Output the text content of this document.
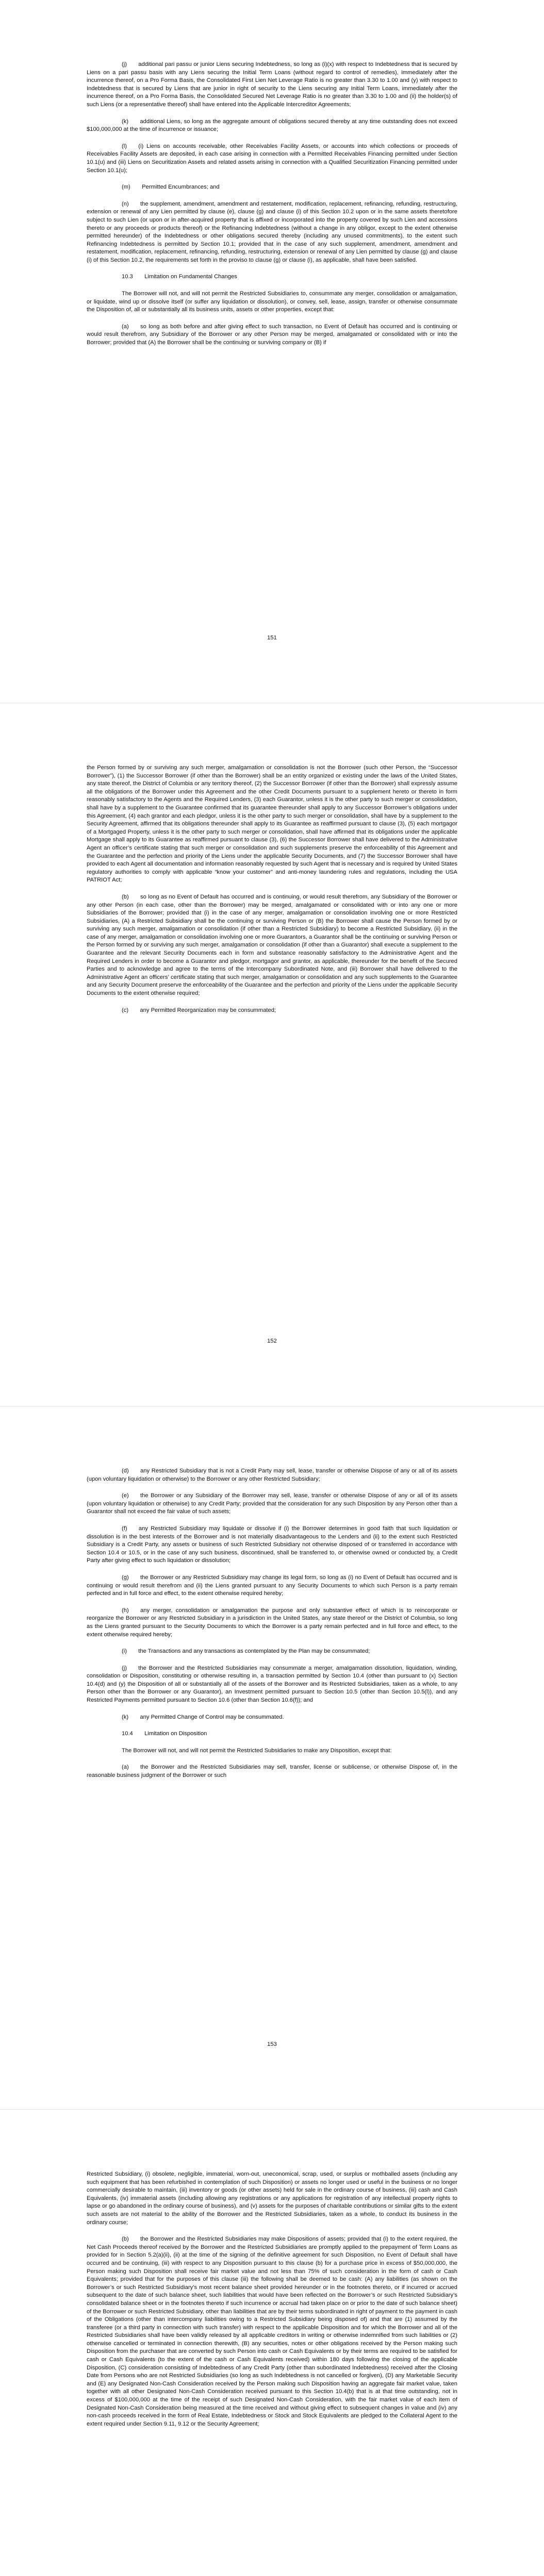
(j)  additional pari passu or junior Liens securing Indebtedness, so long as (i)(x) with respect to Indebtedness that is secured by Liens on a pari passu basis with any Liens securing the Initial Term Loans (without regard to control of remedies), immediately after the incurrence thereof, on a Pro Forma Basis, the Consolidated First Lien Net Leverage Ratio is no greater than 3.30 to 1.00 and (y) with respect to Indebtedness that is secured by Liens that are junior in right of security to the Liens securing any Initial Term Loans, immediately after the incurrence thereof, on a Pro Forma Basis, the Consolidated Secured Net Leverage Ratio is no greater than 3.30 to 1.00 and (ii) the holder(s) of such Liens (or a representative thereof) shall have entered into the Applicable Intercreditor Agreements;

(k)  additional Liens, so long as the aggregate amount of obligations secured thereby at any time outstanding does not exceed $100,000,000 at the time of incurrence or issuance;

(l)  (i) Liens on accounts receivable, other Receivables Facility Assets, or accounts into which collections or proceeds of Receivables Facility Assets are deposited, in each case arising in connection with a Permitted Receivables Financing permitted under Section 10.1(u) and (iii) Liens on Securitization Assets and related assets arising in connection with a Qualified Securitization Financing permitted under Section 10.1(u);

(m)  Permitted Encumbrances; and

(n)  the supplement, amendment, amendment and restatement, modification, replacement, refinancing, refunding, restructuring, extension or renewal of any Lien permitted by clause (e), clause (g) and clause (i) of this Section 10.2 upon or in the same assets theretofore subject to such Lien (or upon or in after-acquired property that is affixed or incorporated into the property covered by such Lien and accessions thereto or any proceeds or products thereof) or the Refinancing Indebtedness (without a change in any obligor, except to the extent otherwise permitted hereunder) of the Indebtedness or other obligations secured thereby (including any unused commitments), to the extent such Refinancing Indebtedness is permitted by Section 10.1; provided that in the case of any such supplement, amendment, amendment and restatement, modification, replacement, refinancing, refunding, restructuring, extension or renewal of any Lien permitted by clause (g) and clause (i) of this Section 10.2, the requirements set forth in the proviso to clause (g) or clause (i), as applicable, shall have been satisfied.

10.3  Limitation on Fundamental Changes

The Borrower will not, and will not permit the Restricted Subsidiaries to, consummate any merger, consolidation or amalgamation, or liquidate, wind up or dissolve itself (or suffer any liquidation or dissolution), or convey, sell, lease, assign, transfer or otherwise consummate the Disposition of, all or substantially all its business units, assets or other properties, except that:

(a)  so long as both before and after giving effect to such transaction, no Event of Default has occurred and is continuing or would result therefrom, any Subsidiary of the Borrower or any other Person may be merged, amalgamated or consolidated with or into the Borrower; provided that (A) the Borrower shall be the continuing or surviving company or (B) if

151

the Person formed by or surviving any such merger, amalgamation or consolidation is not the Borrower (such other Person, the “Successor Borrower”), (1) the Successor Borrower (if other than the Borrower) shall be an entity organized or existing under the laws of the United States, any state thereof, the District of Columbia or any territory thereof, (2) the Successor Borrower (if other than the Borrower) shall expressly assume all the obligations of the Borrower under this Agreement and the other Credit Documents pursuant to a supplement hereto or thereto in form reasonably satisfactory to the Agents and the Required Lenders, (3) each Guarantor, unless it is the other party to such merger or consolidation, shall have by a supplement to the Guarantee confirmed that its guarantee thereunder shall apply to any Successor Borrower’s obligations under this Agreement, (4) each grantor and each pledgor, unless it is the other party to such merger or consolidation, shall have by a supplement to the Security Agreement, affirmed that its obligations thereunder shall apply to its Guarantee as reaffirmed pursuant to clause (3), (5) each mortgagor of a Mortgaged Property, unless it is the other party to such merger or consolidation, shall have affirmed that its obligations under the applicable Mortgage shall apply to its Guarantee as reaffirmed pursuant to clause (3), (6) the Successor Borrower shall have delivered to the Administrative Agent an officer’s certificate stating that such merger or consolidation and such supplements preserve the enforceability of this Agreement and the Guarantee and the perfection and priority of the Liens under the applicable Security Documents, and (7) the Successor Borrower shall have provided to each Agent all documentation and information reasonably requested by such Agent that is necessary and is required by United States regulatory authorities to comply with applicable “know your customer” and anti-money laundering rules and regulations, including the USA PATRIOT Act;

(b)  so long as no Event of Default has occurred and is continuing, or would result therefrom, any Subsidiary of the Borrower or any other Person (in each case, other than the Borrower) may be merged, amalgamated or consolidated with or into any one or more Subsidiaries of the Borrower; provided that (i) in the case of any merger, amalgamation or consolidation involving one or more Restricted Subsidiaries, (A) a Restricted Subsidiary shall be the continuing or surviving Person or (B) the Borrower shall cause the Person formed by or surviving any such merger, amalgamation or consolidation (if other than a Restricted Subsidiary) to become a Restricted Subsidiary, (ii) in the case of any merger, amalgamation or consolidation involving one or more Guarantors, a Guarantor shall be the continuing or surviving Person or the Person formed by or surviving any such merger, amalgamation or consolidation (if other than a Guarantor) shall execute a supplement to the Guarantee and the relevant Security Documents each in form and substance reasonably satisfactory to the Administrative Agent and the Required Lenders in order to become a Guarantor and pledgor, mortgagor and grantor, as applicable, thereunder for the benefit of the Secured Parties and to acknowledge and agree to the terms of the Intercompany Subordinated Note, and (iii) Borrower shall have delivered to the Administrative Agent an officers’ certificate stating that such merger, amalgamation or consolidation and any such supplements to the Guarantee and any Security Document preserve the enforceability of the Guarantee and the perfection and priority of the Liens under the applicable Security Documents to the extent otherwise required;

(c)  any Permitted Reorganization may be consummated;

152

(d)  any Restricted Subsidiary that is not a Credit Party may sell, lease, transfer or otherwise Dispose of any or all of its assets (upon voluntary liquidation or otherwise) to the Borrower or any other Restricted Subsidiary;

(e)  the Borrower or any Subsidiary of the Borrower may sell, lease, transfer or otherwise Dispose of any or all of its assets (upon voluntary liquidation or otherwise) to any Credit Party; provided that the consideration for any such Disposition by any Person other than a Guarantor shall not exceed the fair value of such assets;

(f)  any Restricted Subsidiary may liquidate or dissolve if (i) the Borrower determines in good faith that such liquidation or dissolution is in the best interests of the Borrower and is not materially disadvantageous to the Lenders and (ii) to the extent such Restricted Subsidiary is a Credit Party, any assets or business of such Restricted Subsidiary not otherwise disposed of or transferred in accordance with Section 10.4 or 10.5, or in the case of any such business, discontinued, shall be transferred to, or otherwise owned or conducted by, a Credit Party after giving effect to such liquidation or dissolution;

(g)  the Borrower or any Restricted Subsidiary may change its legal form, so long as (i) no Event of Default has occurred and is continuing or would result therefrom and (ii) the Liens granted pursuant to any Security Documents to which such Person is a party remain perfected and in full force and effect, to the extent otherwise required hereby;

(h)  any merger, consolidation or amalgamation the purpose and only substantive effect of which is to reincorporate or reorganize the Borrower or any Restricted Subsidiary in a jurisdiction in the United States, any state thereof or the District of Columbia, so long as the Liens granted pursuant to the Security Documents to which the Borrower is a party remain perfected and in full force and effect, to the extent otherwise required hereby;

(i)  the Transactions and any transactions as contemplated by the Plan may be consummated;

(j)  the Borrower and the Restricted Subsidiaries may consummate a merger, amalgamation dissolution, liquidation, winding, consolidation or Disposition, constituting or otherwise resulting in, a transaction permitted by Section 10.4 (other than pursuant to (x) Section 10.4(d) and (y) the Disposition of all or substantially all of the assets of the Borrower and its Restricted Subsidiaries, taken as a whole, to any Person other than the Borrower or any Guarantor), an Investment permitted pursuant to Section 10.5 (other than Section 10.5(l)), and any Restricted Payments permitted pursuant to Section 10.6 (other than Section 10.6(f)); and

(k)  any Permitted Change of Control may be consummated.

10.4  Limitation on Disposition

The Borrower will not, and will not permit the Restricted Subsidiaries to make any Disposition, except that:

(a)  the Borrower and the Restricted Subsidiaries may sell, transfer, license or sublicense, or otherwise Dispose of, in the reasonable business judgment of the Borrower or such

153

Restricted Subsidiary, (i) obsolete, negligible, immaterial, worn-out, uneconomical, scrap, used, or surplus or mothballed assets (including any such equipment that has been refurbished in contemplation of such Disposition) or assets no longer used or useful in the business or no longer commercially desirable to maintain, (iii) inventory or goods (or other assets) held for sale in the ordinary course of business, (iii) cash and Cash Equivalents, (iv) immaterial assets (including allowing any registrations or any applications for registration of any intellectual property rights to lapse or go abandoned in the ordinary course of business), and (v) assets for the purposes of charitable contributions or similar gifts to the extent such assets are not material to the ability of the Borrower and the Restricted Subsidiaries, taken as a whole, to conduct its business in the ordinary course;

(b)  the Borrower and the Restricted Subsidiaries may make Dispositions of assets; provided that (i) to the extent required, the Net Cash Proceeds thereof received by the Borrower and the Restricted Subsidiaries are promptly applied to the prepayment of Term Loans as provided for in Section 5.2(a)(ii), (ii) at the time of the signing of the definitive agreement for such Disposition, no Event of Default shall have occurred and be continuing, (iii) with respect to any Disposition pursuant to this clause (b) for a purchase price in excess of $50,000,000, the Person making such Disposition shall receive fair market value and not less than 75% of such consideration in the form of cash or Cash Equivalents; provided that for the purposes of this clause (iii) the following shall be deemed to be cash: (A) any liabilities (as shown on the Borrower’s or such Restricted Subsidiary’s most recent balance sheet provided hereunder or in the footnotes thereto, or if incurred or accrued subsequent to the date of such balance sheet, such liabilities that would have been reflected on the Borrower’s or such Restricted Subsidiary’s consolidated balance sheet or in the footnotes thereto if such incurrence or accrual had taken place on or prior to the date of such balance sheet) of the Borrower or such Restricted Subsidiary, other than liabilities that are by their terms subordinated in right of payment to the payment in cash of the Obligations (other than intercompany liabilities owing to a Restricted Subsidiary being disposed of) and that are (1) assumed by the transferee (or a third party in connection with such transfer) with respect to the applicable Disposition and for which the Borrower and all of the Restricted Subsidiaries shall have been validly released by all applicable creditors in writing or otherwise indemnified from such liabilities or (2) otherwise cancelled or terminated in connection therewith, (B) any securities, notes or other obligations received by the Person making such Disposition from the purchaser that are converted by such Person into cash or Cash Equivalents or by their terms are required to be satisfied for cash or Cash Equivalents (to the extent of the cash or Cash Equivalents received) within 180 days following the closing of the applicable Disposition, (C) consideration consisting of Indebtedness of any Credit Party (other than subordinated Indebtedness) received after the Closing Date from Persons who are not Restricted Subsidiaries (so long as such Indebtedness is not cancelled or forgiven), (D) any Marketable Security and (E) any Designated Non-Cash Consideration received by the Person making such Disposition having an aggregate fair market value, taken together with all other Designated Non-Cash Consideration received pursuant to this Section 10.4(b) that is at that time outstanding, not in excess of $100,000,000 at the time of the receipt of such Designated Non-Cash Consideration, with the fair market value of each item of Designated Non-Cash Consideration being measured at the time received and without giving effect to subsequent changes in value and (iv) any non-cash proceeds received in the form of Real Estate, Indebtedness or Stock and Stock Equivalents are pledged to the Collateral Agent to the extent required under Section 9.11, 9.12 or the Security Agreement;
